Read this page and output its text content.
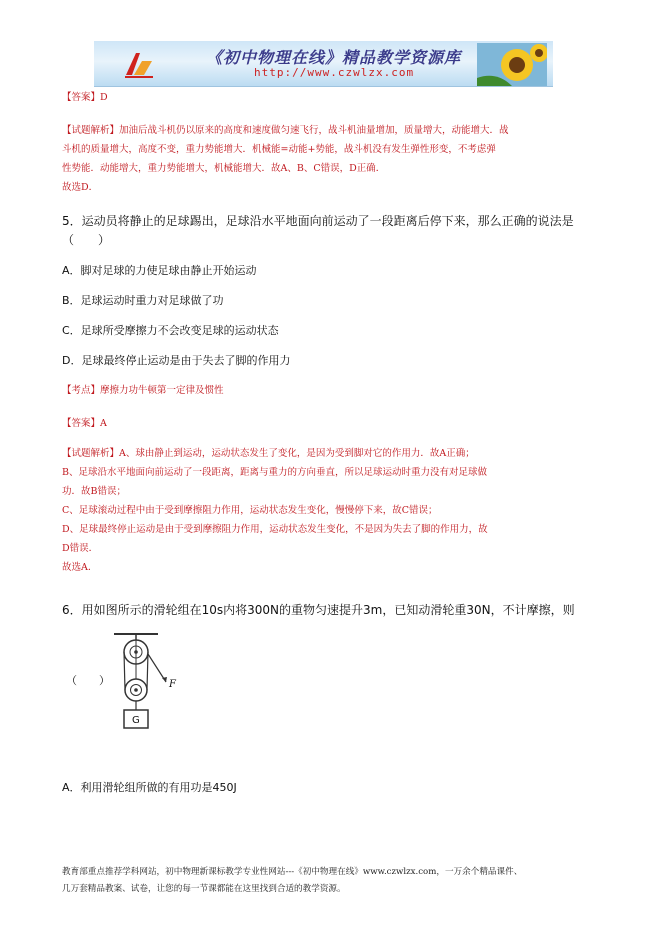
《初中物理在线》精品教学资源库
http://www.czwlzx.com

【答案】D

【试题解析】加油后战斗机仍以原来的高度和速度做匀速飞行，战斗机油量增加，质量增大，动能增大．战

斗机的质量增大，高度不变，重力势能增大．机械能=动能+势能，战斗机没有发生弹性形变，不考虑弹

性势能．动能增大，重力势能增大，机械能增大．故A、B、C错误，D正确．

故选D．

5．运动员将静止的足球踢出，足球沿水平地面向前运动了一段距离后停下来，那么正确的说法是
（　　）
A．脚对足球的力使足球由静止开始运动
B．足球运动时重力对足球做了功
C．足球所受摩擦力不会改变足球的运动状态
D．足球最终停止运动是由于失去了脚的作用力
【考点】摩擦力功牛顿第一定律及惯性
【答案】A

【试题解析】A、球由静止到运动，运动状态发生了变化，是因为受到脚对它的作用力．故A正确；

B、足球沿水平地面向前运动了一段距离，距离与重力的方向垂直，所以足球运动时重力没有对足球做

功．故B错误；

C、足球滚动过程中由于受到摩擦阻力作用，运动状态发生变化，慢慢停下来，故C错误；

D、足球最终停止运动是由于受到摩擦阻力作用，运动状态发生变化，不是因为失去了脚的作用力，故

D错误．

故选A．

6．用如图所示的滑轮组在10s内将300N的重物匀速提升3m，已知动滑轮重30N，不计摩擦，则
（　　）	F
G
A．利用滑轮组所做的有用功是450J
教育部重点推荐学科网站，初中物理新课标教学专业性网站---《初中物理在线》www.czwlzx.com，一万余个精品课件、
几万套精品教案、试卷，让您的每一节课都能在这里找到合适的教学资源。
